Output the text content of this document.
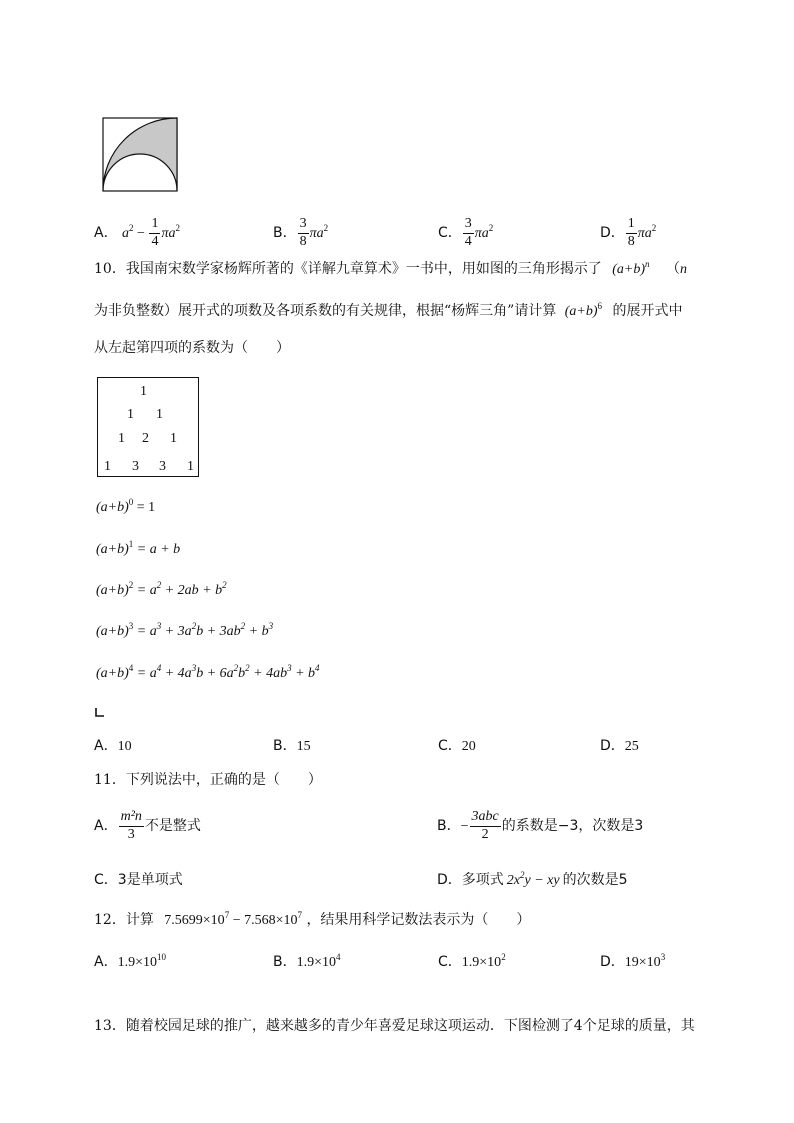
A． $a^2 - \frac{1}{4} \pi a^2$	B． $\frac{3}{8} \pi a^2$	C． $\frac{3}{4} \pi a^2$	D． $\frac{1}{8} \pi a^2$
10．我国南宋数学家杨辉所著的《详解九章算术》一书中，用如图的三角形揭示了 $(a+b)^n$ （n
为非负整数）展开式的项数及各项系数的有关规律，根据“杨辉三角”请计算 $(a+b)^6$ 的展开式中
从左起第四项的系数为（　　）
1
1 1
1 2 1
1 3 3 1
$(a+b)^0 = 1$
$(a+b)^1 = a + b$
$(a+b)^2 = a^2 + 2ab + b^2$
$(a+b)^3 = a^3 + 3a^2b + 3ab^2 + b^3$
$(a+b)^4 = a^4 + 4a^3b + 6a^2b^2 + 4ab^3 + b^4$
A．10	B．15	C．20	D．25
11．下列说法中，正确的是（　　）
A． $\frac{\text{m²n}}{3}$ 不是整式	B．− $\frac{\text{3abc}}{2}$ 的系数是−3，次数是3
C．3是单项式	D．多项式 $2x^2y$ − xy 的次数是5
12．计算 $7.5699\times 10^7 - 7.568\times 10^7$ ，结果用科学记数法表示为（　　）
A．$1.9\times 10^{10}$	B．$1.9\times 10^4$	C．$1.9\times 10^2$	D．$19\times 10^3$
13．随着校园足球的推广，越来越多的青少年喜爱足球这项运动．下图检测了4个足球的质量，其
